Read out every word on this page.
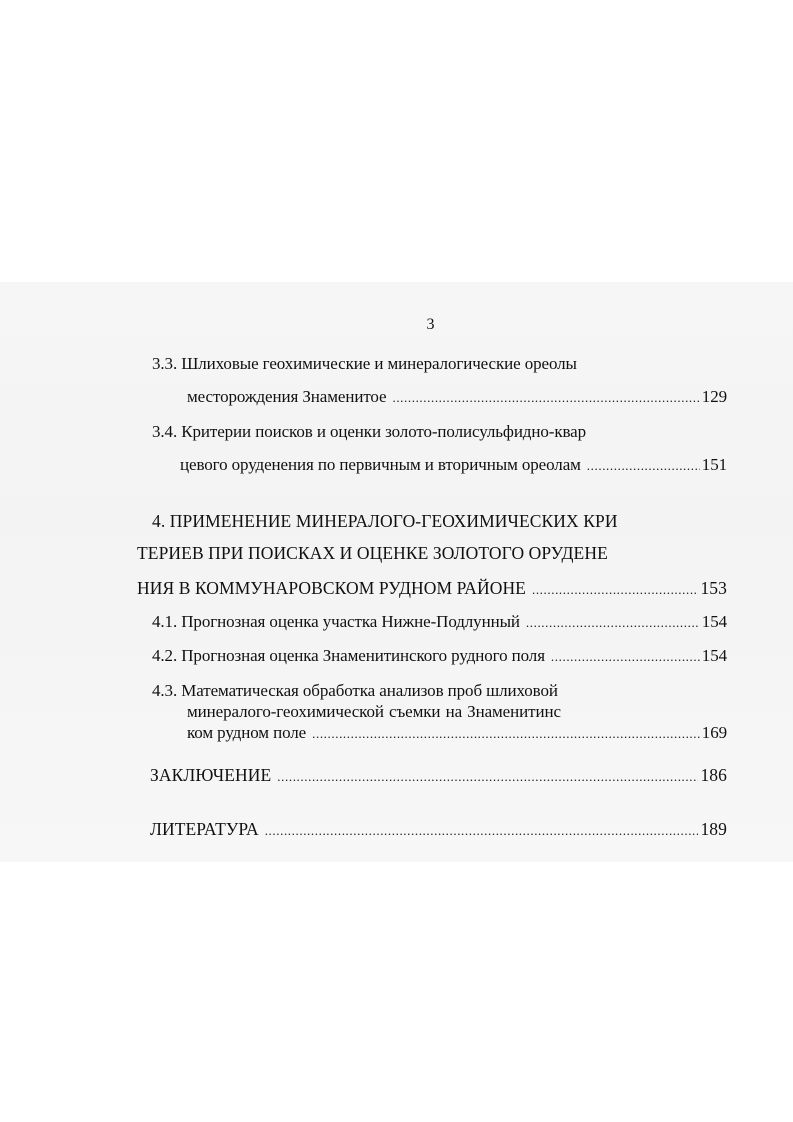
3
3.3. Шлиховые геохимические и минералогические ореолы
месторождения Знаменитое .....	129
3.4. Критерии поисков и оценки золото-полисульфидно-квар
цевого оруденения по первичным и вторичным ореолам .....	151
4. ПРИМЕНЕНИЕ МИНЕРАЛОГО-ГЕОХИМИЧЕСКИХ КРИ
ТЕРИЕВ ПРИ ПОИСКАХ И ОЦЕНКЕ ЗОЛОТОГО ОРУДЕНЕ
НИЯ В КОММУНАРОВСКОМ РУДНОМ РАЙОНЕ .....	153
4.1. Прогнозная оценка участка Нижне-Подлунный .....	154
4.2. Прогнозная оценка Знаменитинского рудного поля .....	154
4.3. Математическая обработка анализов проб шлиховой
минералого-геохимической съемки на Знаменитинс
ком рудном поле .....	169
ЗАКЛЮЧЕНИЕ .....	186
ЛИТЕРАТУРА .....	189
